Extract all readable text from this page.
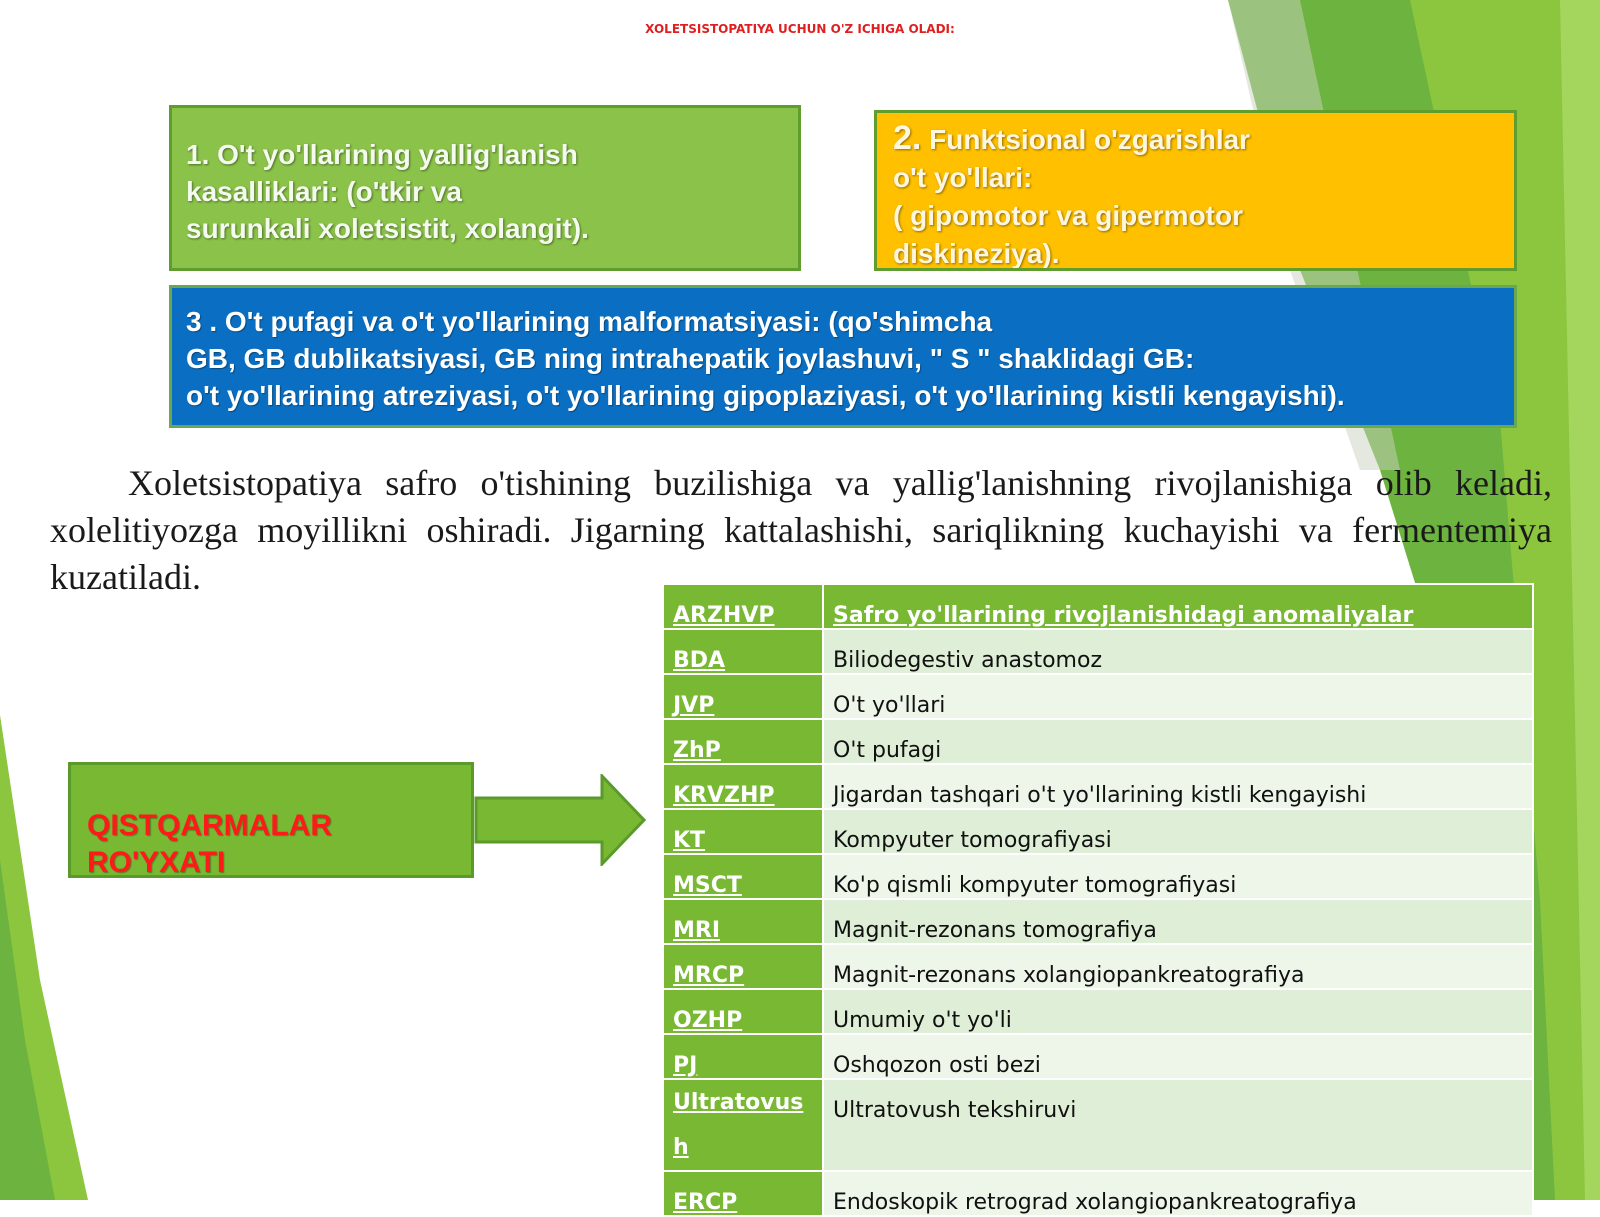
XOLETSISTOPATIYA UCHUN O'Z ICHIGA OLADI:
1. O't yo'llarining yallig'lanish
kasalliklari: (o'tkir va
surunkali xoletsistit, xolangit).
2. Funktsional o'zgarishlar
o't yo'llari:
( gipomotor va gipermotor
diskineziya).
3 . O't pufagi va o't yo'llarining malformatsiyasi: (qo'shimcha
GB, GB dublikatsiyasi, GB ning intrahepatik joylashuvi, " S " shaklidagi GB:
o't yo'llarining atreziyasi, o't yo'llarining gipoplaziyasi, o't yo'llarining kistli kengayishi).
Xoletsistopatiya safro o'tishining buzilishiga va yallig'lanishning rivojlanishiga olib keladi, xolelitiyozga moyillikni oshiradi. Jigarning kattalashishi, sariqlikning kuchayishi va fermentemiya kuzatiladi.
QISTQARMALAR
RO'YXATI
ARZHVP	Safro yo'llarining rivojlanishidagi anomaliyalar
BDA	Biliodegestiv anastomoz
JVP	O't yo'llari
ZhP	O't pufagi
KRVZHP	Jigardan tashqari o't yo'llarining kistli kengayishi
KT	Kompyuter tomografiyasi
MSCT	Ko'p qismli kompyuter tomografiyasi
MRI	Magnit-rezonans tomografiya
MRCP	Magnit-rezonans xolangiopankreatografiya
OZHP	Umumiy o't yo'li
PJ	Oshqozon osti bezi
Ultratovush	Ultratovush tekshiruvi
ERCP	Endoskopik retrograd xolangiopankreatografiya
